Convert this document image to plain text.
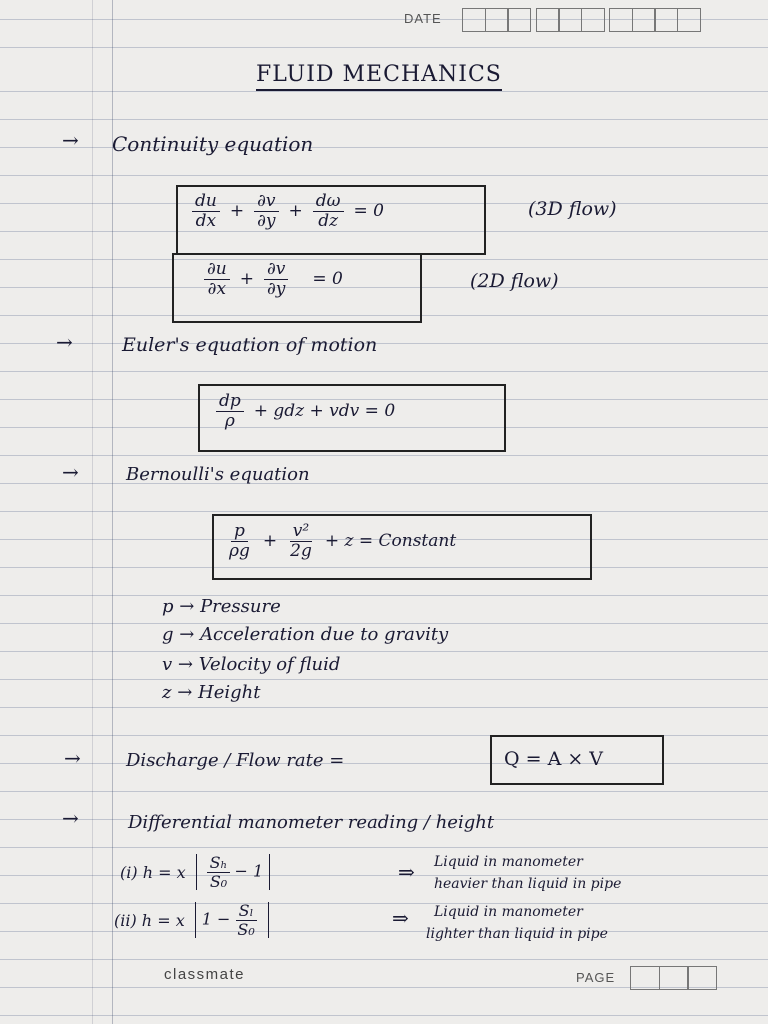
DATE
FLUID MECHANICS
→ Continuity equation
$\frac{du}{dx} + \frac{\partial v}{\partial y} + \frac{d\omega}{dz} = 0$	(3D flow)
$\frac{\partial u}{\partial x} + \frac{\partial v}{\partial y} = 0$	(2D flow)
→	Euler's equation of motion
$\frac{dp}{\rho}$ + gdz + vdv = 0
→	Bernoulli's equation
$\frac{p}{\rho g} + \frac{\text{v²}}{2g} + z$ = Constant
p → Pressure
g → Acceleration due to gravity
v → Velocity of fluid
z → Height
→	Discharge / Flow rate =	Q = A × V
→	Differential manometer reading / height
(i) h = x $\frac{\text{Sₕ}}{\text{S₀}} - 1$	⇒ Liquid in manometer
heavier than liquid in pipe
(ii) h = x	$1 - \frac{\text{Sₗ}}{\text{S₀}}$	⇒ Liquid in manometer
lighter than liquid in pipe
classmate	PAGE
